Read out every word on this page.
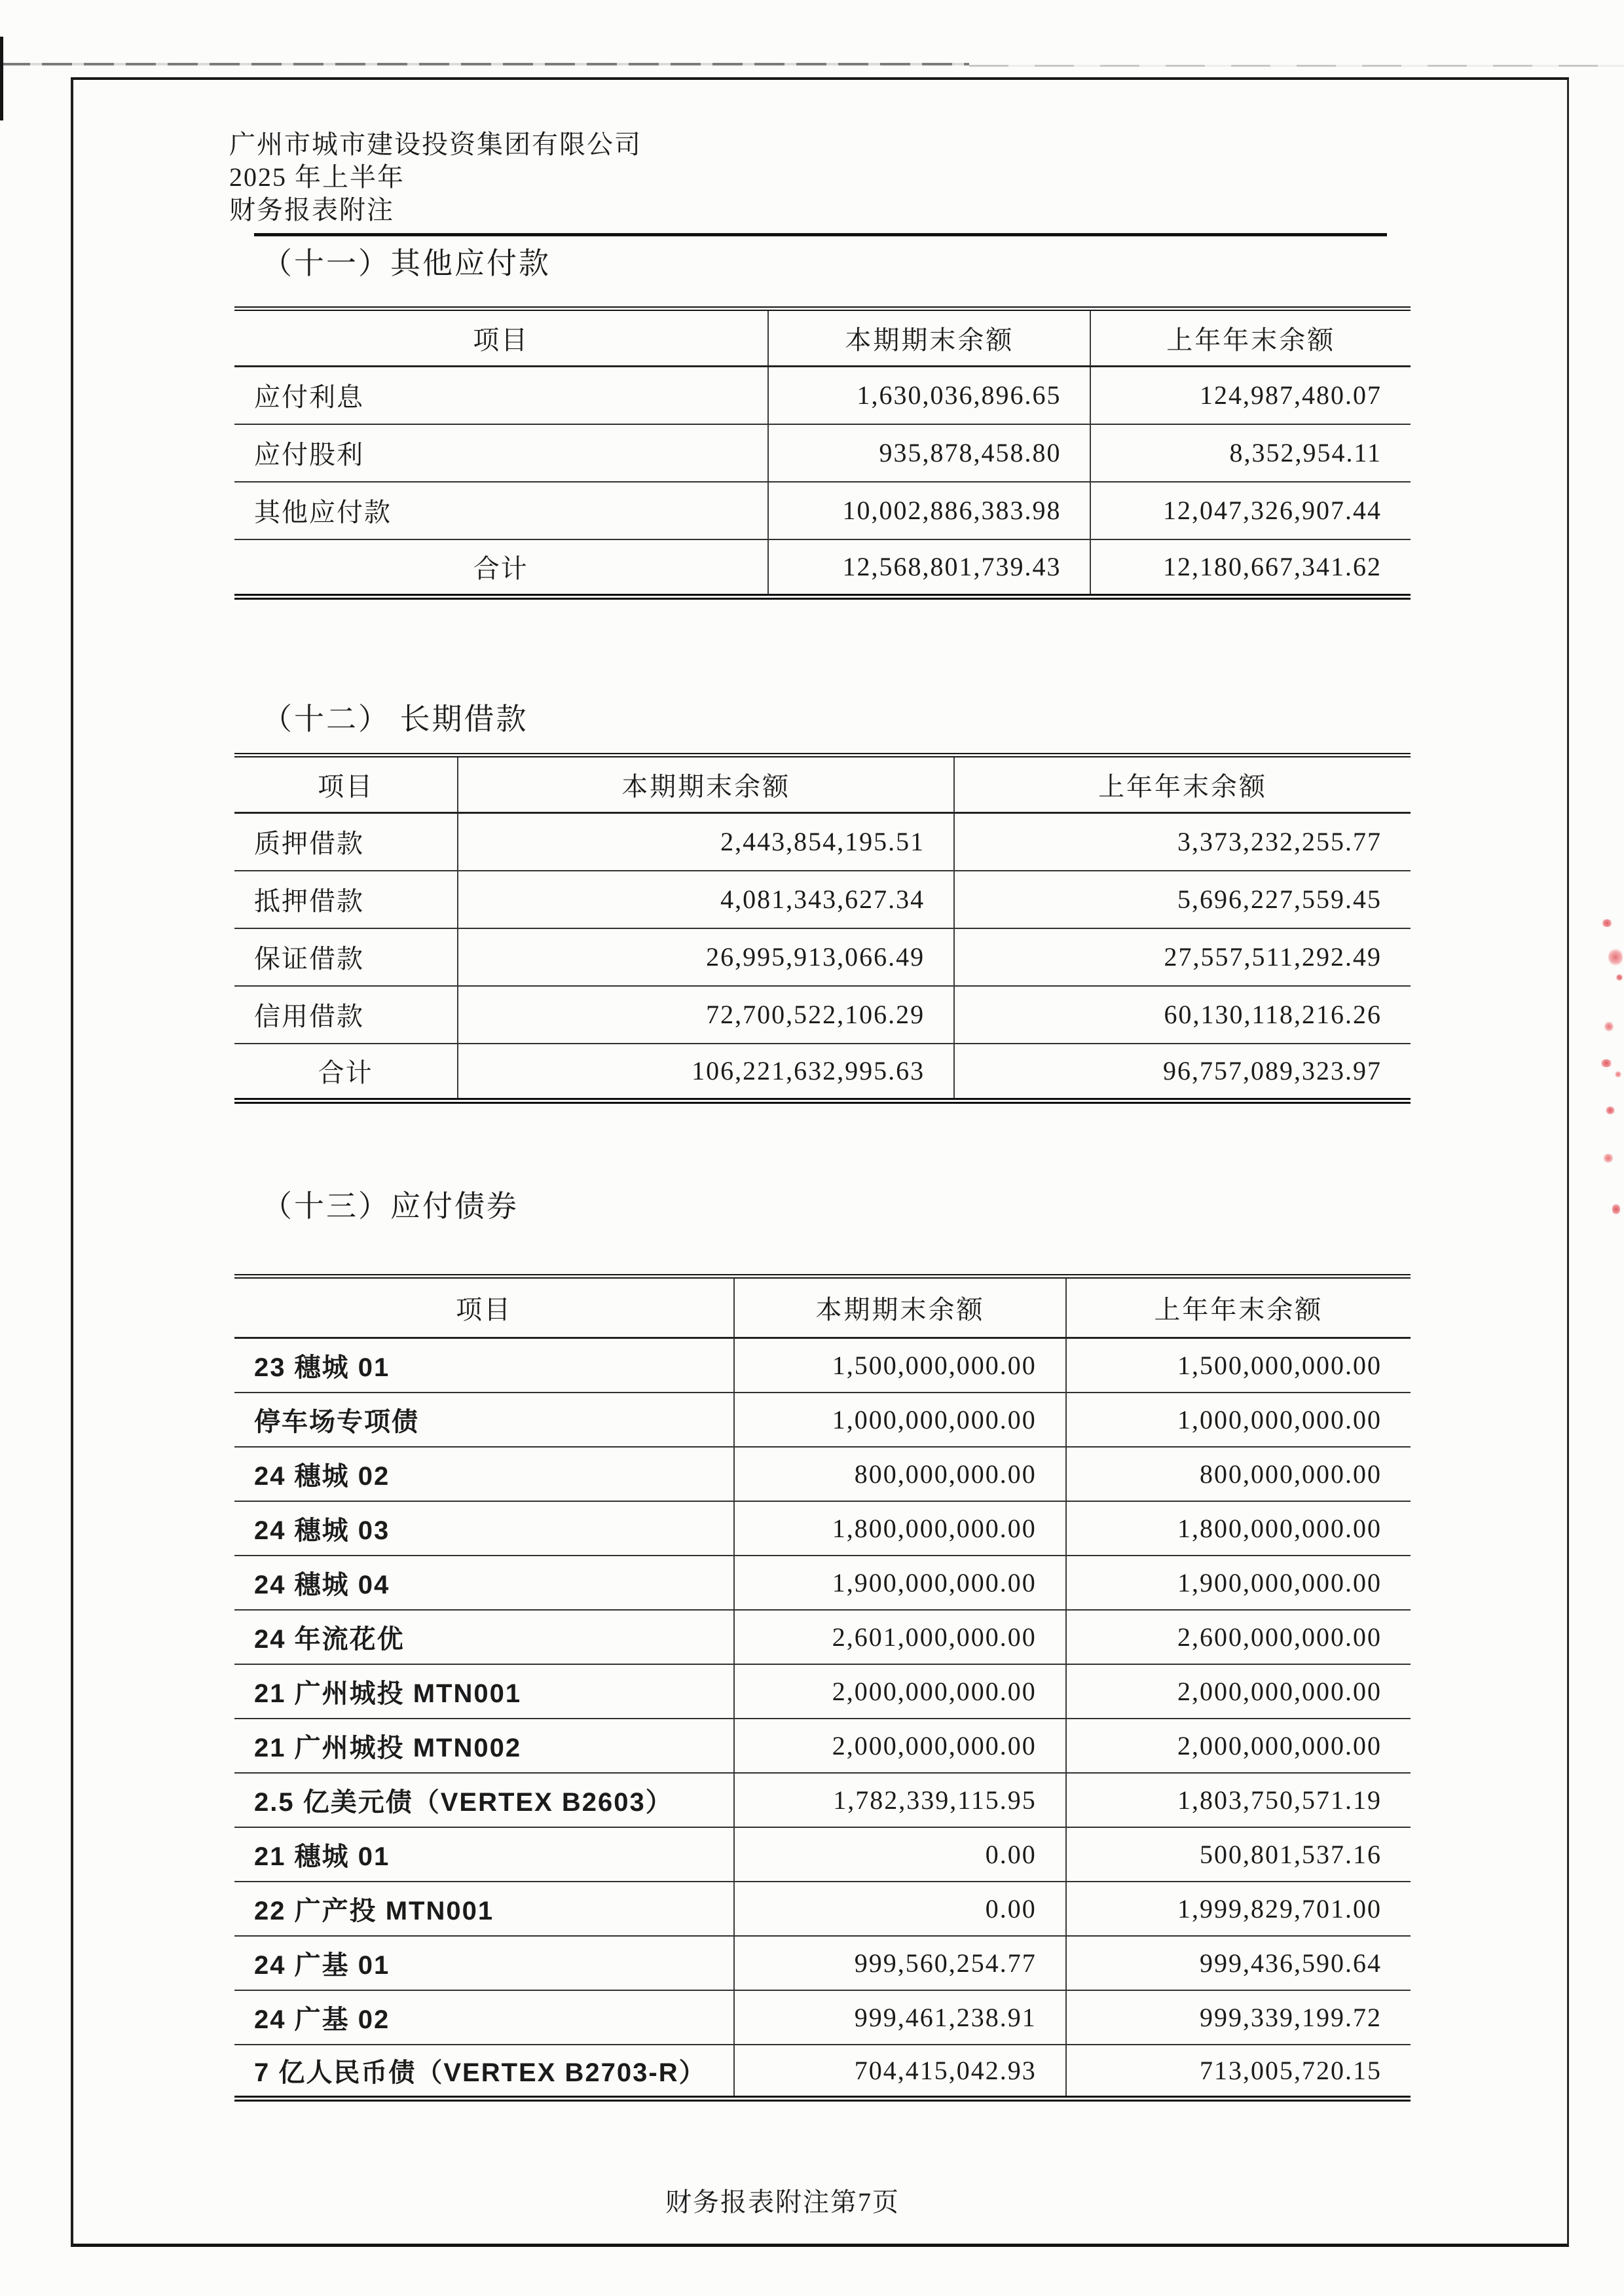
广州市城市建设投资集团有限公司
2025 年上半年
财务报表附注
（十一）其他应付款
项目	本期期末余额	上年年末余额
应付利息	1,630,036,896.65	124,987,480.07
应付股利	935,878,458.80	8,352,954.11
其他应付款	10,002,886,383.98	12,047,326,907.44
合计	12,568,801,739.43	12,180,667,341.62
（十二） 长期借款
项目	本期期末余额	上年年末余额
质押借款	2,443,854,195.51	3,373,232,255.77
抵押借款	4,081,343,627.34	5,696,227,559.45
保证借款	26,995,913,066.49	27,557,511,292.49
信用借款	72,700,522,106.29	60,130,118,216.26
合计	106,221,632,995.63	96,757,089,323.97
（十三）应付债券
项目	本期期末余额	上年年末余额
23 穗城 01	1,500,000,000.00	1,500,000,000.00
停车场专项债	1,000,000,000.00	1,000,000,000.00
24 穗城 02	800,000,000.00	800,000,000.00
24 穗城 03	1,800,000,000.00	1,800,000,000.00
24 穗城 04	1,900,000,000.00	1,900,000,000.00
24 年流花优	2,601,000,000.00	2,600,000,000.00
21 广州城投 MTN001	2,000,000,000.00	2,000,000,000.00
21 广州城投 MTN002	2,000,000,000.00	2,000,000,000.00
2.5 亿美元债（VERTEX B2603）	1,782,339,115.95	1,803,750,571.19
21 穗城 01	0.00	500,801,537.16
22 广产投 MTN001	0.00	1,999,829,701.00
24 广基 01	999,560,254.77	999,436,590.64
24 广基 02	999,461,238.91	999,339,199.72
7 亿人民币债（VERTEX B2703-R）	704,415,042.93	713,005,720.15
财务报表附注第7页
